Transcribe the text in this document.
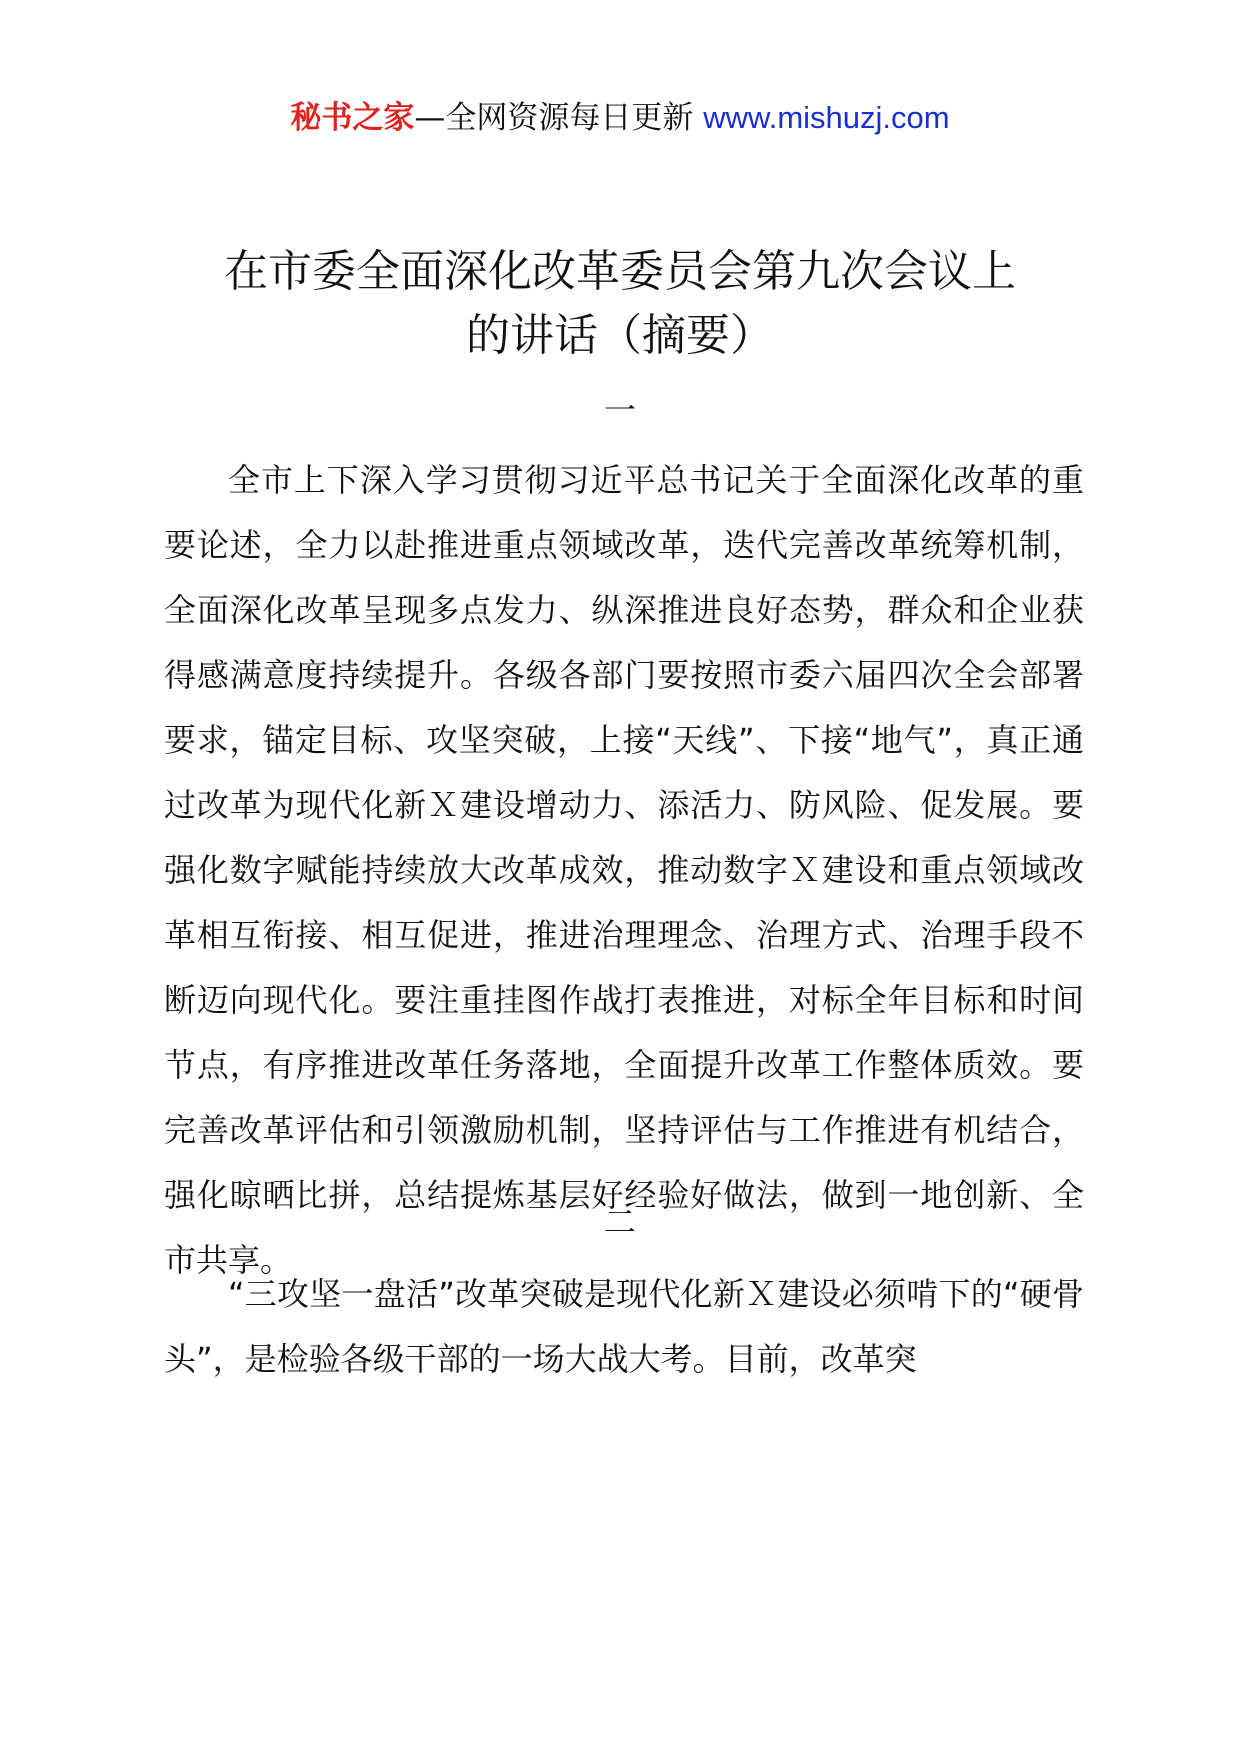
秘书之家—全网资源每日更新 www.mishuzj.com
在市委全面深化改革委员会第九次会议上
的讲话（摘要）
一

全市上下深入学习贯彻习近平总书记关于全面深化改革的重要论述，全力以赴推进重点领域改革，迭代完善改革统筹机制，全面深化改革呈现多点发力、纵深推进良好态势，群众和企业获得感满意度持续提升。各级各部门要按照市委六届四次全会部署要求，锚定目标、攻坚突破，上接“天线”、下接“地气”，真正通过改革为现代化新Ｘ建设增动力、添活力、防风险、促发展。要强化数字赋能持续放大改革成效，推动数字Ｘ建设和重点领域改革相互衔接、相互促进，推进治理理念、治理方式、治理手段不断迈向现代化。要注重挂图作战打表推进，对标全年目标和时间节点，有序推进改革任务落地，全面提升改革工作整体质效。要完善改革评估和引领激励机制，坚持评估与工作推进有机结合，强化晾晒比拼，总结提炼基层好经验好做法，做到一地创新、全市共享。

二

“三攻坚一盘活”改革突破是现代化新Ｘ建设必须啃下的“硬骨头”，是检验各级干部的一场大战大考。目前，改革突
